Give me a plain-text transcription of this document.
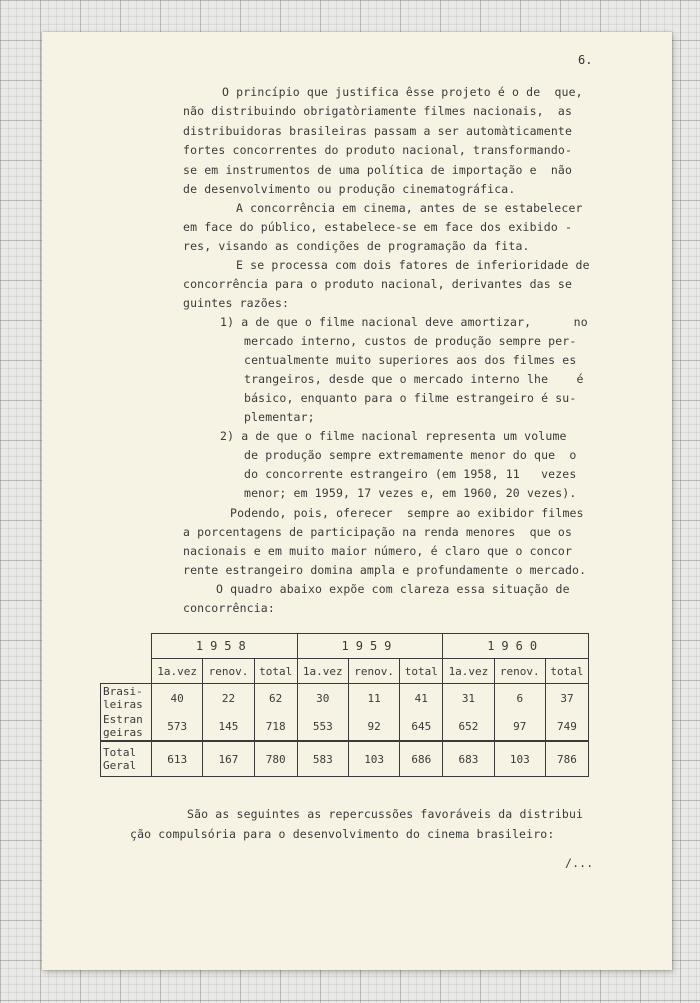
6.
O princípio que justifica êsse projeto é o de  que,
não distribuindo obrigatòriamente filmes nacionais,  as
distribuidoras brasileiras passam a ser automàticamente
fortes concorrentes do produto nacional, transformando-
se em instrumentos de uma política de importação e  não
de desenvolvimento ou produção cinematográfica.
A concorrência em cinema, antes de se estabelecer
em face do público, estabelece-se em face dos exibido -
res, visando as condições de programação da fita.
E se processa com dois fatores de inferioridade de
concorrência para o produto nacional, derivantes das se
guintes razões:
1) a de que o filme nacional deve amortizar,      no
mercado interno, custos de produção sempre per-
centualmente muito superiores aos dos filmes es
trangeiros, desde que o mercado interno lhe    é
básico, enquanto para o filme estrangeiro é su-
plementar;
2) a de que o filme nacional representa um volume
de produção sempre extremamente menor do que  o
do concorrente estrangeiro (em 1958, 11   vezes
menor; em 1959, 17 vezes e, em 1960, 20 vezes).
Podendo, pois, oferecer  sempre ao exibidor filmes
a porcentagens de participação na renda menores  que os
nacionais e em muito maior número, é claro que o concor
rente estrangeiro domina ampla e profundamente o mercado.
O quadro abaixo expõe com clareza essa situação de
concorrência:
	1958			1959			1960		
	1a.vez	renov.	total	1a.vez	renov.	total	1a.vez	renov.	total
Brasi-
leiras	40	22	62	30	11	41	31	6	37
Estran
geiras	573	145	718	553	92	645	652	97	749
Total
Geral	613	167	780	583	103	686	683	103	786
São as seguintes as repercussões favoráveis da distribui
ção compulsória para o desenvolvimento do cinema brasileiro:
/...
